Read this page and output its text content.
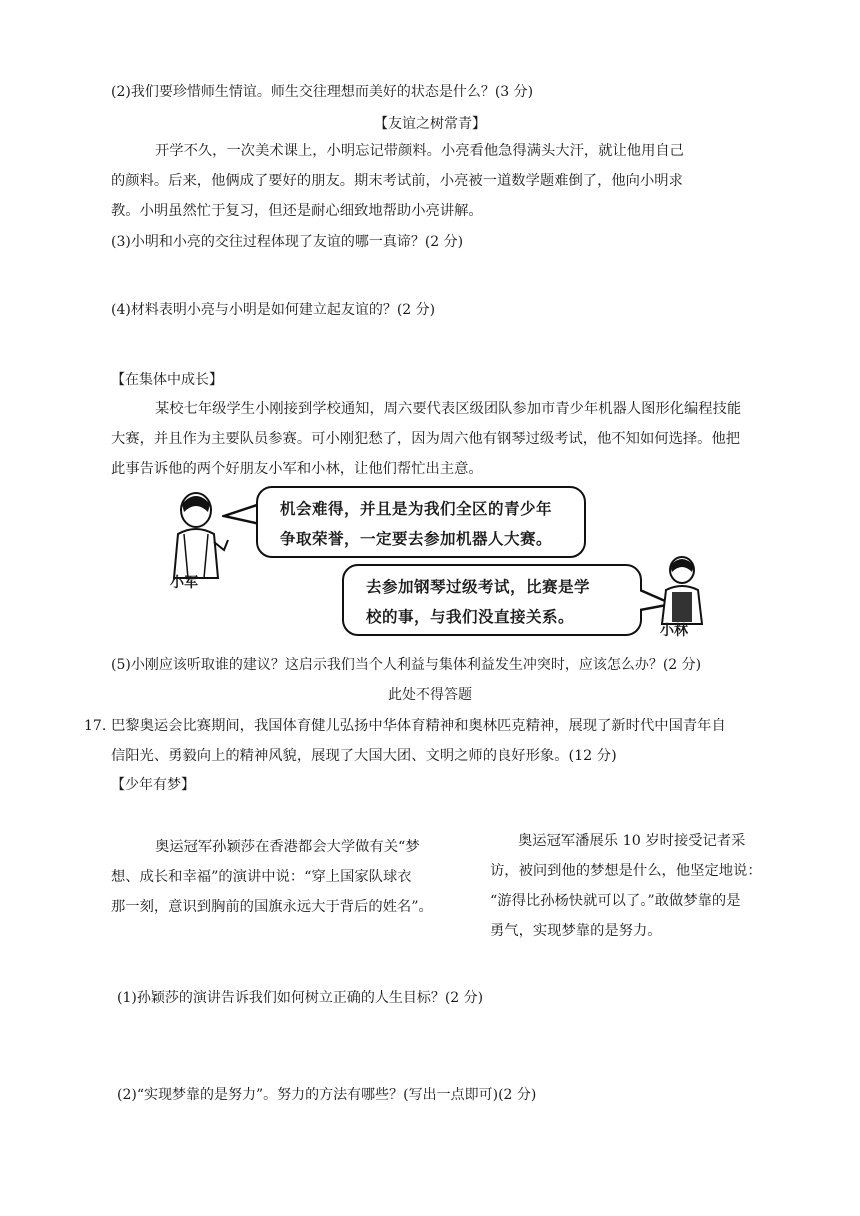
(2)我们要珍惜师生情谊。师生交往理想而美好的状态是什么？(3 分)
【友谊之树常青】
开学不久，一次美术课上，小明忘记带颜料。小亮看他急得满头大汗，就让他用自己
的颜料。后来，他俩成了要好的朋友。期末考试前，小亮被一道数学题难倒了，他向小明求
教。小明虽然忙于复习，但还是耐心细致地帮助小亮讲解。
(3)小明和小亮的交往过程体现了友谊的哪一真谛？(2 分)
(4)材料表明小亮与小明是如何建立起友谊的？(2 分)
【在集体中成长】
某校七年级学生小刚接到学校通知，周六要代表区级团队参加市青少年机器人图形化编程技能
大赛，并且作为主要队员参赛。可小刚犯愁了，因为周六他有钢琴过级考试，他不知如何选择。他把
此事告诉他的两个好朋友小军和小林，让他们帮忙出主意。
小军
机会难得，并且是为我们全区的青少年
争取荣誉，一定要去参加机器人大赛。
去参加钢琴过级考试，比赛是学
校的事，与我们没直接关系。
小林
(5)小刚应该听取谁的建议？这启示我们当个人利益与集体利益发生冲突时，应该怎么办？(2 分)
此处不得答题
17. 巴黎奥运会比赛期间，我国体育健儿弘扬中华体育精神和奥林匹克精神，展现了新时代中国青年自
信阳光、勇毅向上的精神风貌，展现了大国大团、文明之师的良好形象。(12 分)
【少年有梦】
奥运冠军孙颖莎在香港都会大学做有关“梦
想、成长和幸福”的演讲中说：“穿上国家队球衣
那一刻，意识到胸前的国旗永远大于背后的姓名”。
奥运冠军潘展乐 10 岁时接受记者采
访，被问到他的梦想是什么，他坚定地说：
“游得比孙杨快就可以了。”敢做梦靠的是
勇气，实现梦靠的是努力。
(1)孙颖莎的演讲告诉我们如何树立正确的人生目标？(2 分)
(2)“实现梦靠的是努力”。努力的方法有哪些？(写出一点即可)(2 分)
